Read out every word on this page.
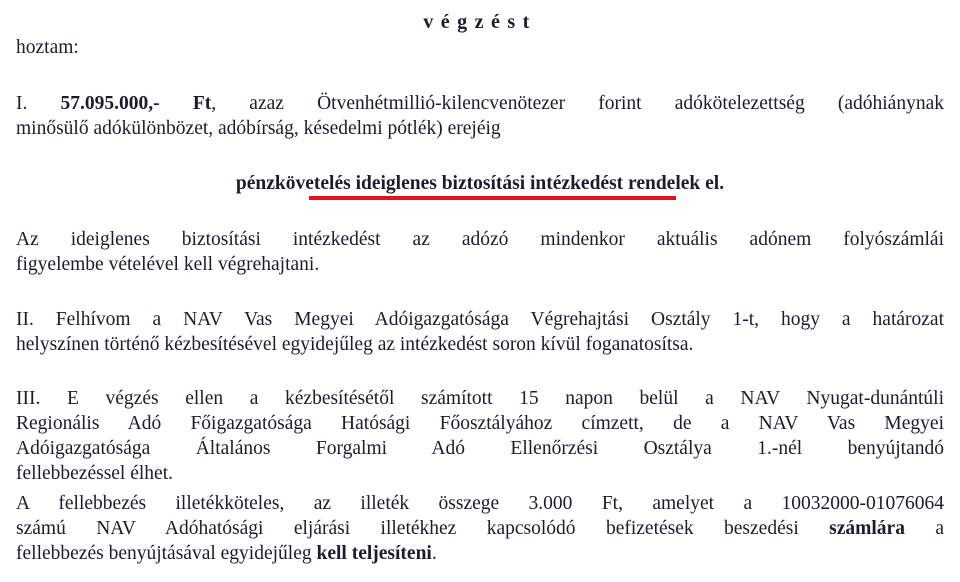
végzést
hoztam:
I. 57.095.000,- Ft, azaz Ötvenhétmillió-kilencvenötezer forint adókötelezettség (adóhiánynak
minősülő adókülönbözet, adóbírság, késedelmi pótlék) erejéig
pénzkövetelés ideiglenes biztosítási intézkedést rendelek el.
Az ideiglenes biztosítási intézkedést az adózó mindenkor aktuális adónem folyószámlái
figyelembe vételével kell végrehajtani.
II. Felhívom a NAV Vas Megyei Adóigazgatósága Végrehajtási Osztály 1-t, hogy a határozat
helyszínen történő kézbesítésével egyidejűleg az intézkedést soron kívül foganatosítsa.
III. E végzés ellen a kézbesítésétől számított 15 napon belül a NAV Nyugat-dunántúli
Regionális Adó Főigazgatósága Hatósági Főosztályához címzett, de a NAV Vas Megyei
Adóigazgatósága Általános Forgalmi Adó Ellenőrzési Osztálya 1.-nél benyújtandó
fellebbezéssel élhet.
A fellebbezés illetékköteles, az illeték összege 3.000 Ft, amelyet a 10032000-01076064
számú NAV Adóhatósági eljárási illetékhez kapcsolódó befizetések beszedési számlára a
fellebbezés benyújtásával egyidejűleg kell teljesíteni.
